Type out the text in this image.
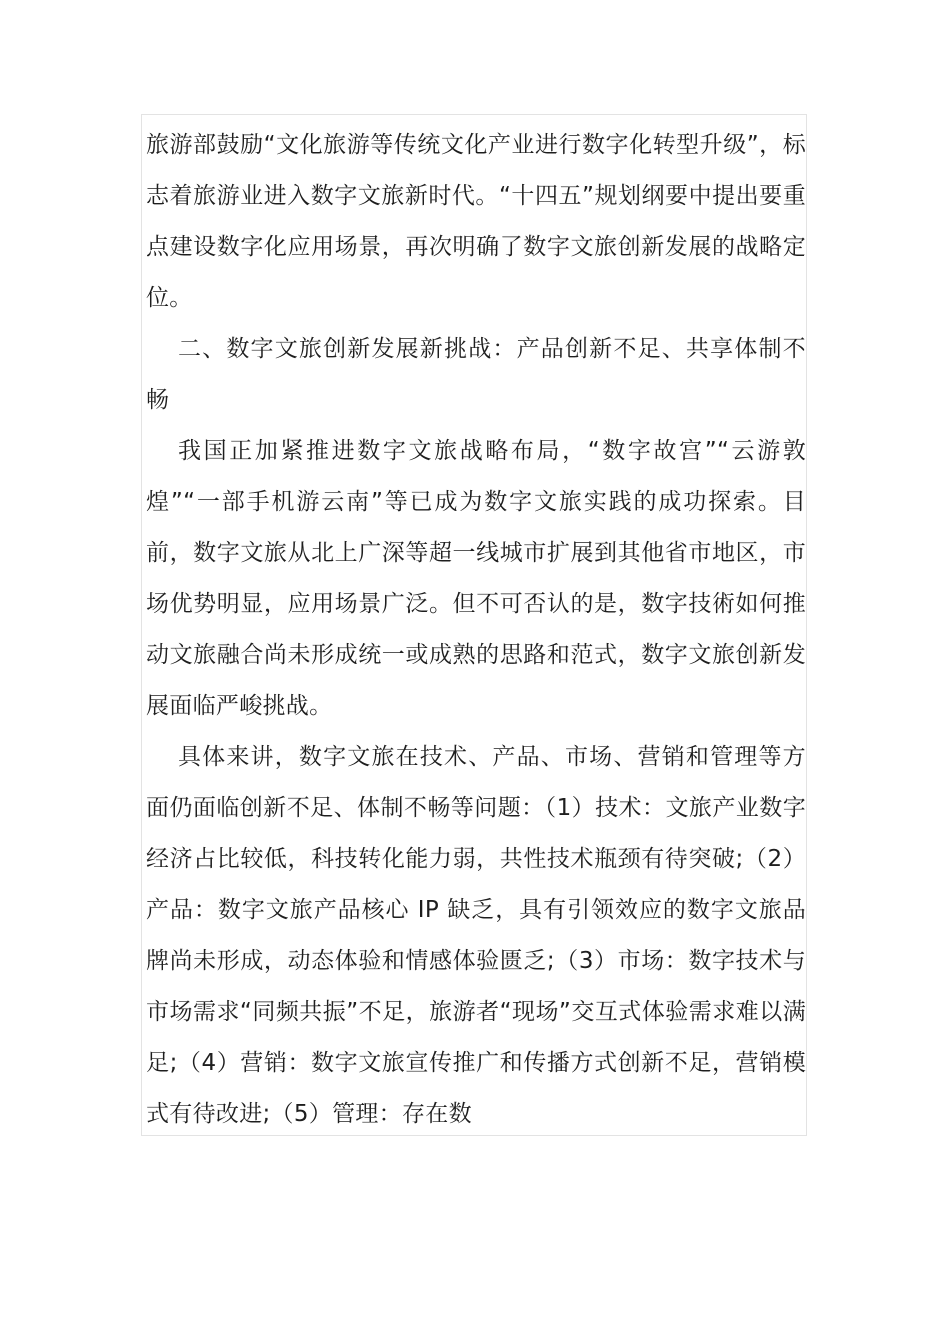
旅游部鼓励“文化旅游等传统文化产业进行数字化转型升级”，标志着旅游业进入数字文旅新时代。“十四五”规划纲要中提出要重点建设数字化应用场景，再次明确了数字文旅创新发展的战略定位。

二、数字文旅创新发展新挑战：产品创新不足、共享体制不畅

我国正加紧推进数字文旅战略布局，“数字故宫”“云游敦煌”“一部手机游云南”等已成为数字文旅实践的成功探索。目前，数字文旅从北上广深等超一线城市扩展到其他省市地区，市场优势明显，应用场景广泛。但不可否认的是，数字技術如何推动文旅融合尚未形成统一或成熟的思路和范式，数字文旅创新发展面临严峻挑战。

具体来讲，数字文旅在技术、产品、市场、营销和管理等方面仍面临创新不足、体制不畅等问题：（1）技术：文旅产业数字经济占比较低，科技转化能力弱，共性技术瓶颈有待突破;（2）产品：数字文旅产品核心 IP 缺乏，具有引领效应的数字文旅品牌尚未形成，动态体验和情感体验匮乏;（3）市场：数字技术与市场需求“同频共振”不足，旅游者“现场”交互式体验需求难以满足;（4）营销：数字文旅宣传推广和传播方式创新不足，营销模式有待改进;（5）管理：存在数
